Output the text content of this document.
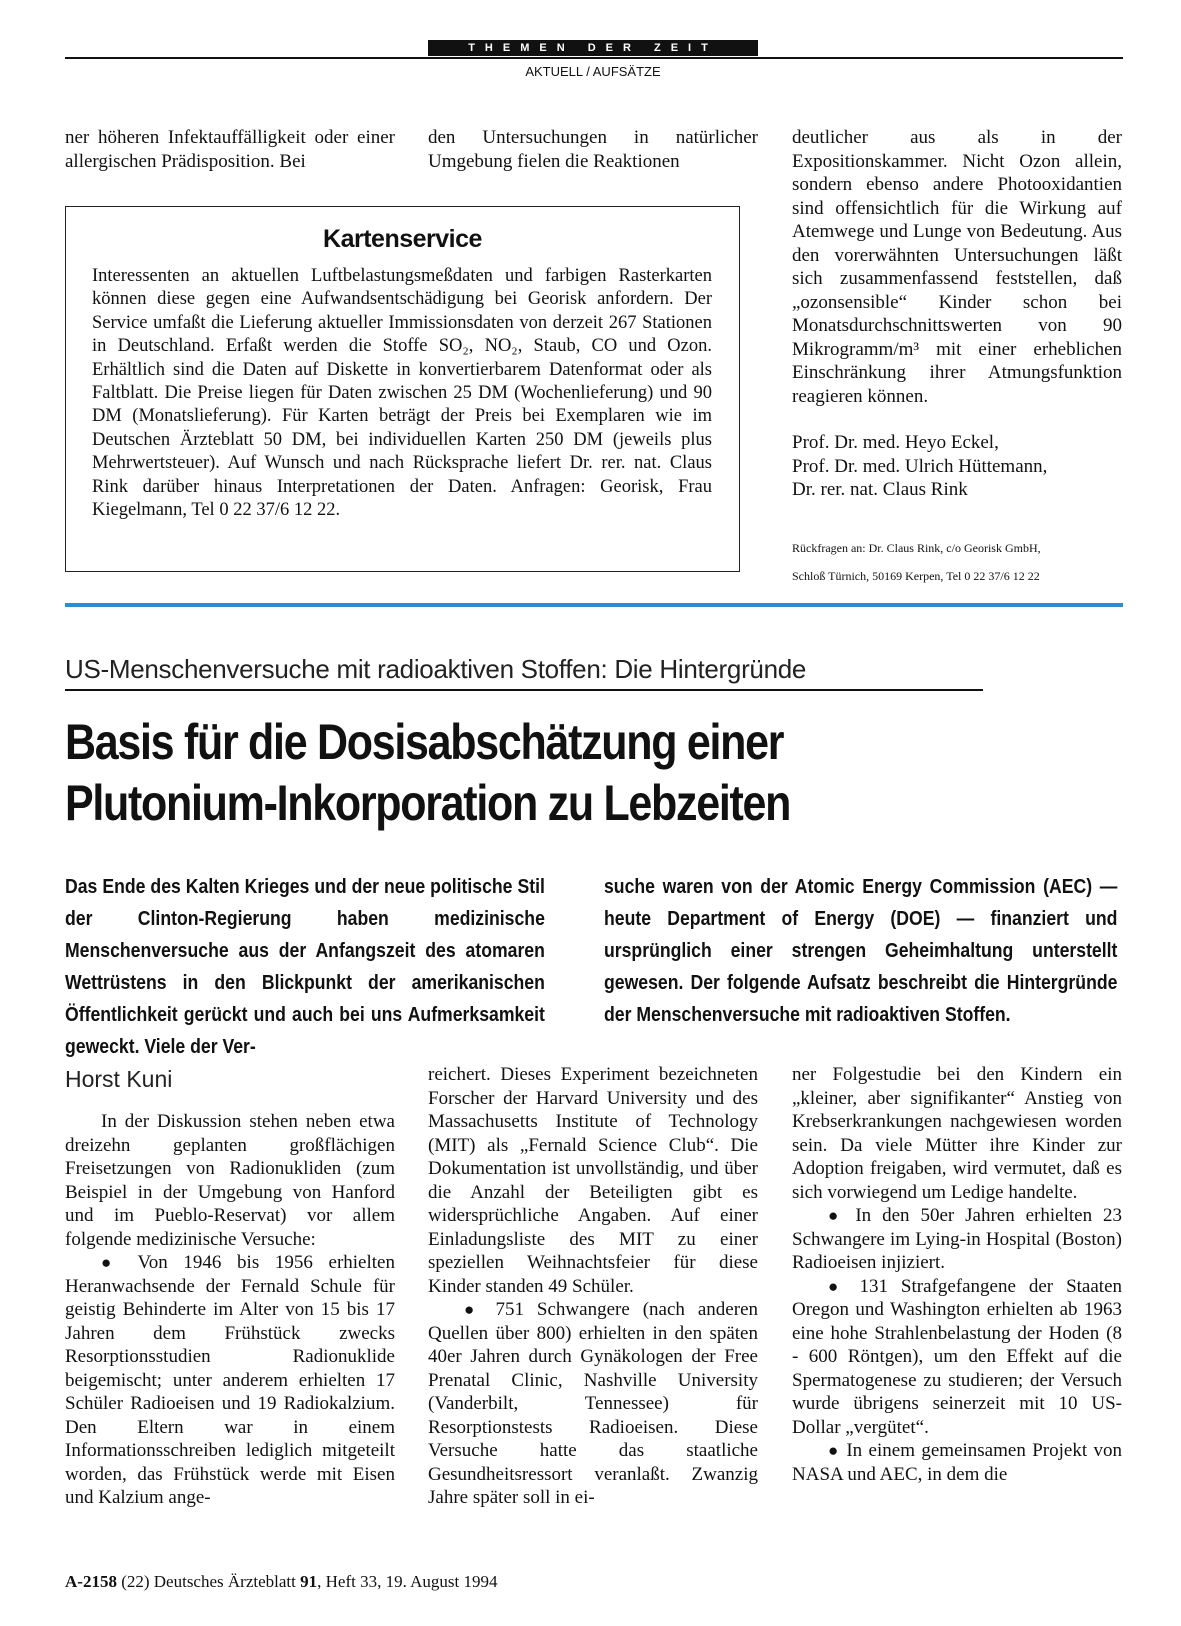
THEMEN DER ZEIT
AKTUELL / AUFSÄTZE
ner höheren Infektauffälligkeit oder einer allergischen Prädisposition. Bei
den Untersuchungen in natürlicher Umgebung fielen die Reaktionen
deutlicher aus als in der Expositionskammer. Nicht Ozon allein, sondern ebenso andere Photooxidantien sind offensichtlich für die Wirkung auf Atemwege und Lunge von Bedeutung. Aus den vorerwähnten Untersuchungen läßt sich zusammenfassend feststellen, daß „ozonsensible“ Kinder schon bei Monatsdurchschnittswerten von 90 Mikrogramm/m³ mit einer erheblichen Einschränkung ihrer Atmungsfunktion reagieren können.
Prof. Dr. med. Heyo Eckel,
Prof. Dr. med. Ulrich Hüttemann,
Dr. rer. nat. Claus Rink
Rückfragen an: Dr. Claus Rink, c/o Georisk GmbH,
Schloß Türnich, 50169 Kerpen, Tel 0 22 37/6 12 22
Kartenservice
Interessenten an aktuellen Luftbelastungsmeßdaten und farbigen Rasterkarten können diese gegen eine Aufwandsentschädigung bei Georisk anfordern. Der Service umfaßt die Lieferung aktueller Immissionsdaten von derzeit 267 Stationen in Deutschland. Erfaßt werden die Stoffe SO₂, NO₂, Staub, CO und Ozon. Erhältlich sind die Daten auf Diskette in konvertierbarem Datenformat oder als Faltblatt. Die Preise liegen für Daten zwischen 25 DM (Wochenlieferung) und 90 DM (Monatslieferung). Für Karten beträgt der Preis bei Exemplaren wie im Deutschen Ärzteblatt 50 DM, bei individuellen Karten 250 DM (jeweils plus Mehrwertsteuer). Auf Wunsch und nach Rücksprache liefert Dr. rer. nat. Claus Rink darüber hinaus Interpretationen der Daten. Anfragen: Georisk, Frau Kiegelmann, Tel 0 22 37/6 12 22.
US-Menschenversuche mit radioaktiven Stoffen: Die Hintergründe
Basis für die Dosisabschätzung einer
Plutonium-Inkorporation zu Lebzeiten
Das Ende des Kalten Krieges und der neue politische Stil der Clinton-Regierung haben medizinische Menschenversuche aus der Anfangszeit des atomaren Wettrüstens in den Blickpunkt der amerikanischen Öffentlichkeit gerückt und auch bei uns Aufmerksamkeit geweckt. Viele der Ver-
suche waren von der Atomic Energy Commission (AEC) — heute Department of Energy (DOE) — finanziert und ursprünglich einer strengen Geheimhaltung unterstellt gewesen. Der folgende Aufsatz beschreibt die Hintergründe der Menschenversuche mit radioaktiven Stoffen.
Horst Kuni
In der Diskussion stehen neben etwa dreizehn geplanten großflächigen Freisetzungen von Radionukliden (zum Beispiel in der Umgebung von Hanford und im Pueblo-Reservat) vor allem folgende medizinische Versuche:
● Von 1946 bis 1956 erhielten Heranwachsende der Fernald Schule für geistig Behinderte im Alter von 15 bis 17 Jahren dem Frühstück zwecks Resorptionsstudien Radionuklide beigemischt; unter anderem erhielten 17 Schüler Radioeisen und 19 Radiokalzium. Den Eltern war in einem Informationsschreiben lediglich mitgeteilt worden, das Frühstück werde mit Eisen und Kalzium ange-
reichert. Dieses Experiment bezeichneten Forscher der Harvard University und des Massachusetts Institute of Technology (MIT) als „Fernald Science Club“. Die Dokumentation ist unvollständig, und über die Anzahl der Beteiligten gibt es widersprüchliche Angaben. Auf einer Einladungsliste des MIT zu einer speziellen Weihnachtsfeier für diese Kinder standen 49 Schüler.
● 751 Schwangere (nach anderen Quellen über 800) erhielten in den späten 40er Jahren durch Gynäkologen der Free Prenatal Clinic, Nashville University (Vanderbilt, Tennessee) für Resorptionstests Radioeisen. Diese Versuche hatte das staatliche Gesundheitsressort veranlaßt. Zwanzig Jahre später soll in ei-
ner Folgestudie bei den Kindern ein „kleiner, aber signifikanter“ Anstieg von Krebserkrankungen nachgewiesen worden sein. Da viele Mütter ihre Kinder zur Adoption freigaben, wird vermutet, daß es sich vorwiegend um Ledige handelte.
● In den 50er Jahren erhielten 23 Schwangere im Lying-in Hospital (Boston) Radioeisen injiziert.
● 131 Strafgefangene der Staaten Oregon und Washington erhielten ab 1963 eine hohe Strahlenbelastung der Hoden (8 - 600 Röntgen), um den Effekt auf die Spermatogenese zu studieren; der Versuch wurde übrigens seinerzeit mit 10 US-Dollar „vergütet“.
● In einem gemeinsamen Projekt von NASA und AEC, in dem die
A-2158 (22) Deutsches Ärzteblatt 91, Heft 33, 19. August 1994
